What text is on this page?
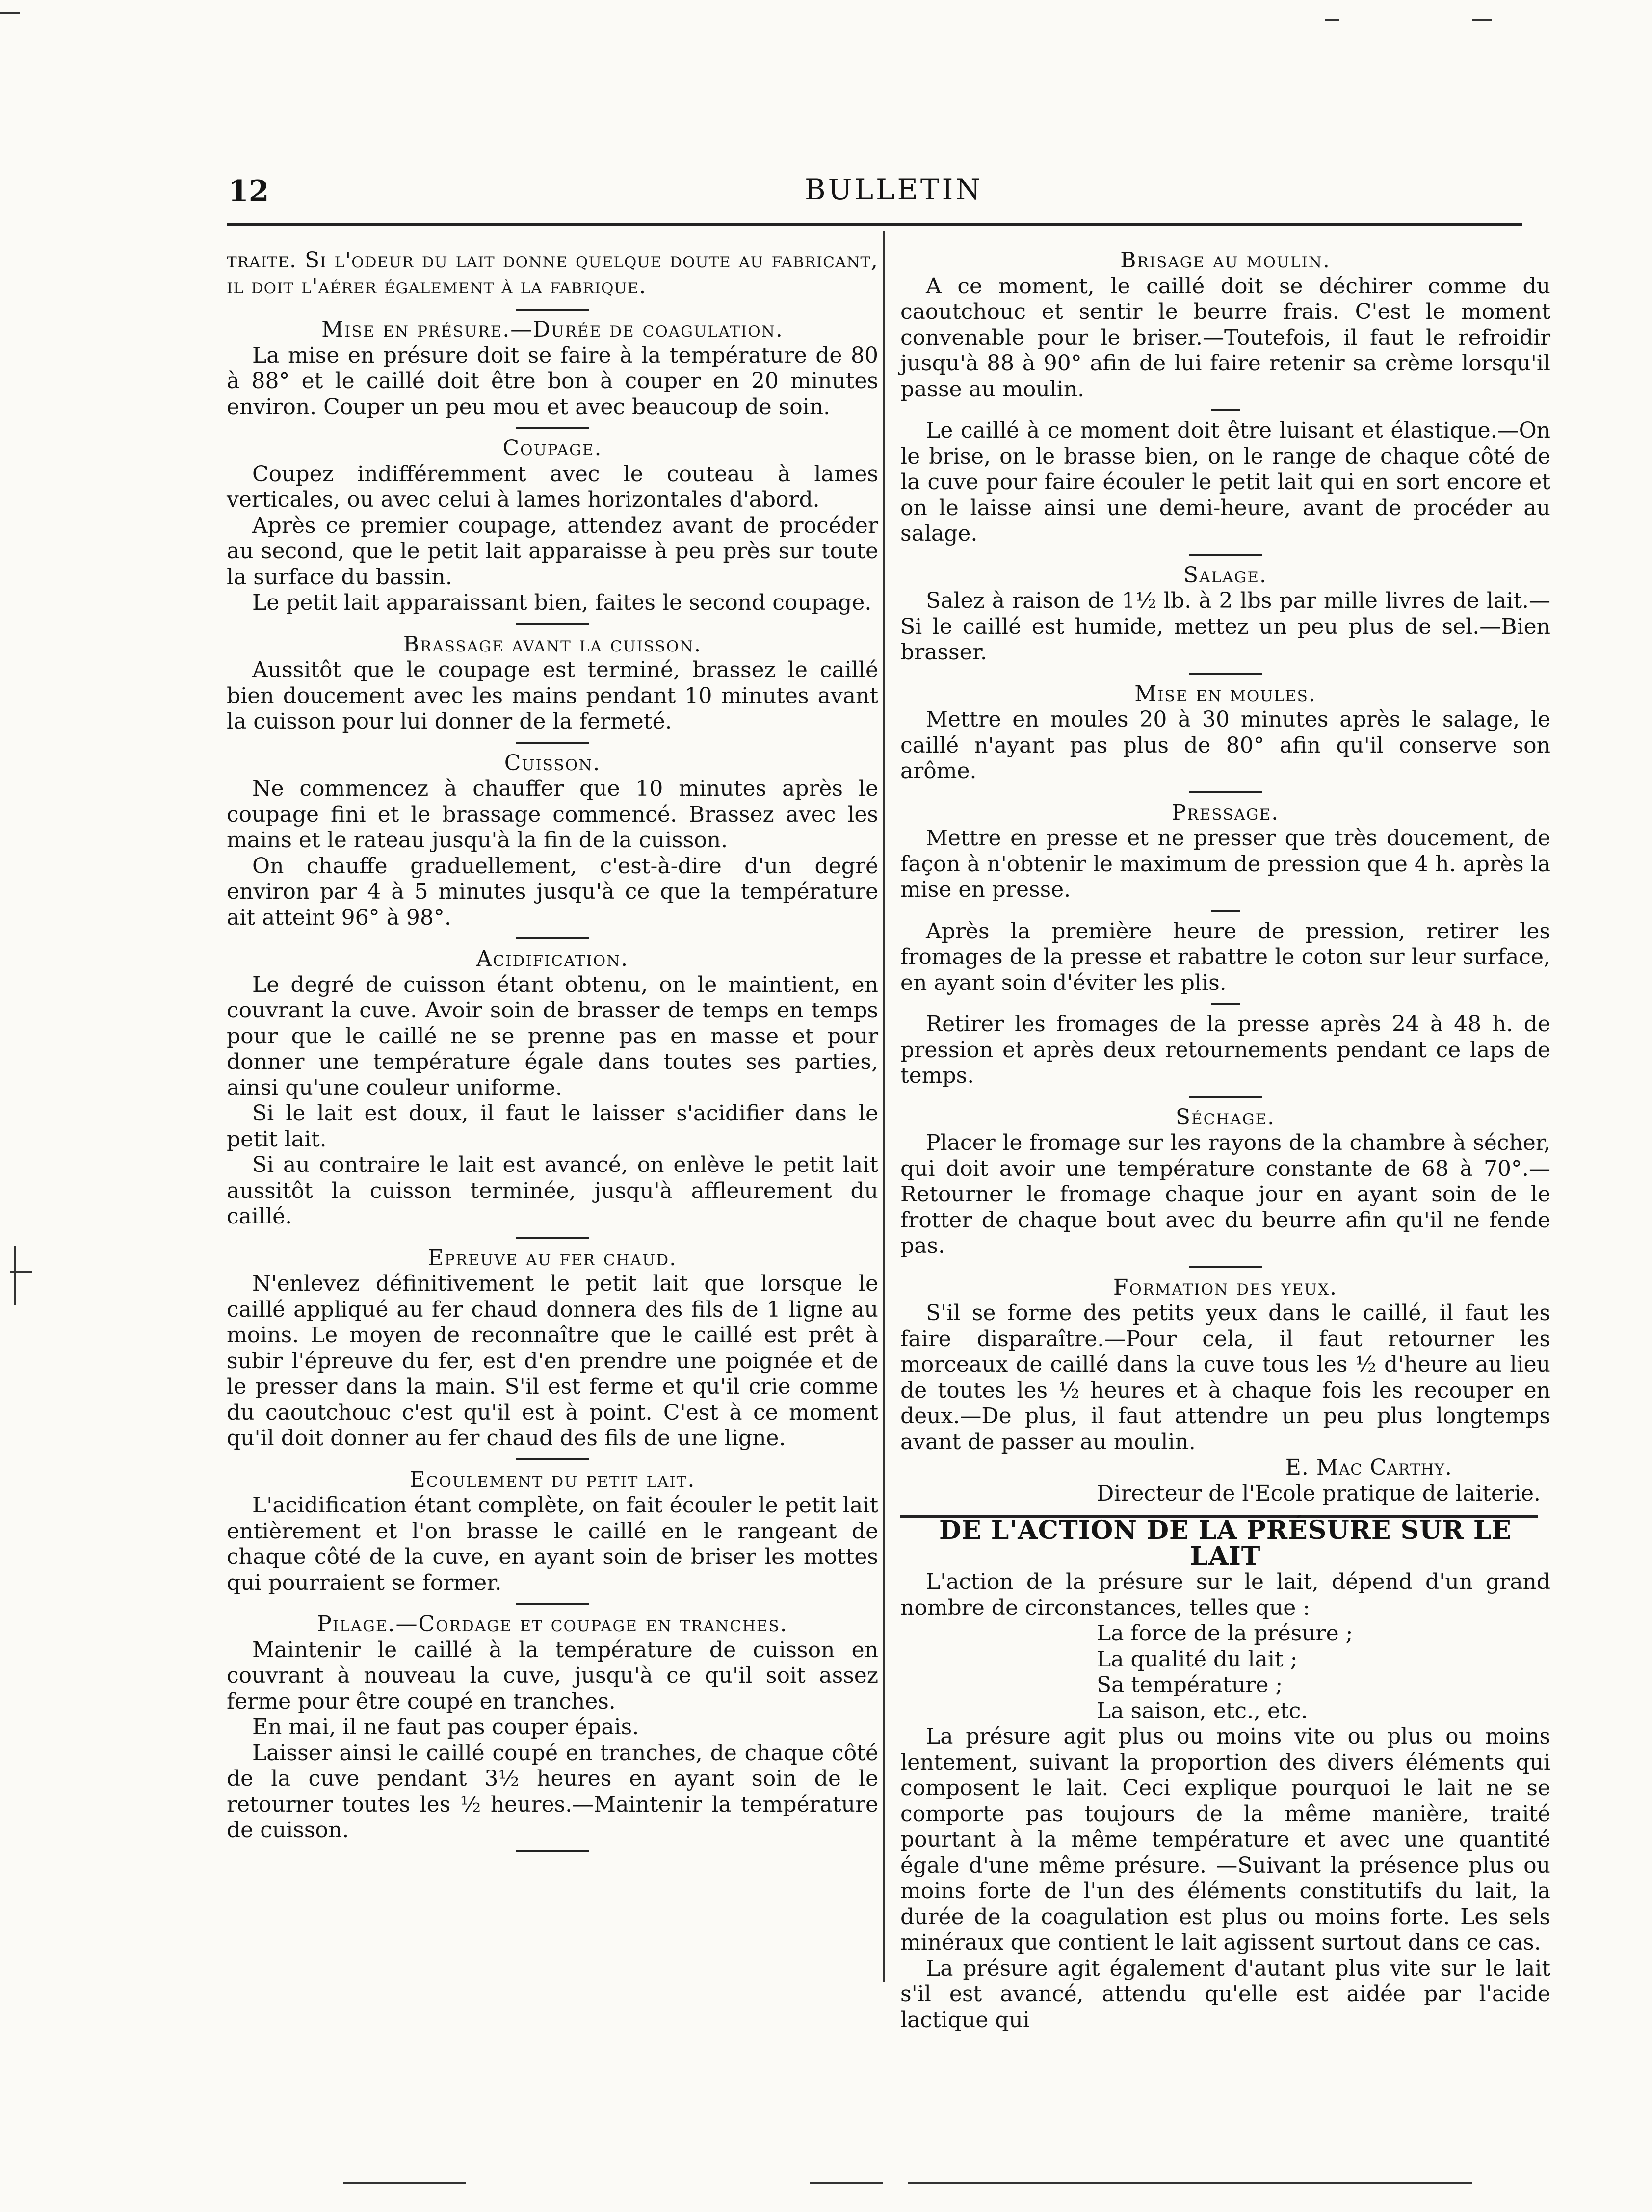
12	BULLETIN

traite. Si l'odeur du lait donne quelque doute au fabricant, il doit l'aérer également à la fabrique.

Mise en présure.—Durée de coagulation.

La mise en présure doit se faire à la température de 80 à 88° et le caillé doit être bon à couper en 20 minutes environ. Couper un peu mou et avec beaucoup de soin.

Coupage.

Coupez indifféremment avec le couteau à lames verticales, ou avec celui à lames horizontales d'abord.

Après ce premier coupage, attendez avant de procéder au second, que le petit lait apparaisse à peu près sur toute la surface du bassin.

Le petit lait apparaissant bien, faites le second coupage.

Brassage avant la cuisson.

Aussitôt que le coupage est terminé, brassez le caillé bien doucement avec les mains pendant 10 minutes avant la cuisson pour lui donner de la fermeté.

Cuisson.

Ne commencez à chauffer que 10 minutes après le coupage fini et le brassage commencé. Brassez avec les mains et le rateau jusqu'à la fin de la cuisson.

On chauffe graduellement, c'est-à-dire d'un degré environ par 4 à 5 minutes jusqu'à ce que la température ait atteint 96° à 98°.

Acidification.

Le degré de cuisson étant obtenu, on le maintient, en couvrant la cuve. Avoir soin de brasser de temps en temps pour que le caillé ne se prenne pas en masse et pour donner une température égale dans toutes ses parties, ainsi qu'une couleur uniforme.

Si le lait est doux, il faut le laisser s'acidifier dans le petit lait.

Si au contraire le lait est avancé, on enlève le petit lait aussitôt la cuisson terminée, jusqu'à affleurement du caillé.

Epreuve au fer chaud.

N'enlevez définitivement le petit lait que lorsque le caillé appliqué au fer chaud donnera des fils de 1 ligne au moins. Le moyen de reconnaître que le caillé est prêt à subir l'épreuve du fer, est d'en prendre une poignée et de le presser dans la main. S'il est ferme et qu'il crie comme du caoutchouc c'est qu'il est à point. C'est à ce moment qu'il doit donner au fer chaud des fils de une ligne.

Ecoulement du petit lait.

L'acidification étant complète, on fait écouler le petit lait entièrement et l'on brasse le caillé en le rangeant de chaque côté de la cuve, en ayant soin de briser les mottes qui pourraient se former.

Pilage.—Cordage et coupage en tranches.

Maintenir le caillé à la température de cuisson en couvrant à nouveau la cuve, jusqu'à ce qu'il soit assez ferme pour être coupé en tranches.

En mai, il ne faut pas couper épais.

Laisser ainsi le caillé coupé en tranches, de chaque côté de la cuve pendant 3½ heures en ayant soin de le retourner toutes les ½ heures.—Maintenir la température de cuisson.

Brisage au moulin.

A ce moment, le caillé doit se déchirer comme du caoutchouc et sentir le beurre frais. C'est le moment convenable pour le briser.—Toutefois, il faut le refroidir jusqu'à 88 à 90° afin de lui faire retenir sa crème lorsqu'il passe au moulin.

Le caillé à ce moment doit être luisant et élastique.—On le brise, on le brasse bien, on le range de chaque côté de la cuve pour faire écouler le petit lait qui en sort encore et on le laisse ainsi une demi-heure, avant de procéder au salage.

Salage.

Salez à raison de 1½ lb. à 2 lbs par mille livres de lait.—Si le caillé est humide, mettez un peu plus de sel.—Bien brasser.

Mise en moules.

Mettre en moules 20 à 30 minutes après le salage, le caillé n'ayant pas plus de 80° afin qu'il conserve son arôme.

Pressage.

Mettre en presse et ne presser que très doucement, de façon à n'obtenir le maximum de pression que 4 h. après la mise en presse.

Après la première heure de pression, retirer les fromages de la presse et rabattre le coton sur leur surface, en ayant soin d'éviter les plis.

Retirer les fromages de la presse après 24 à 48 h. de pression et après deux retournements pendant ce laps de temps.

Séchage.

Placer le fromage sur les rayons de la chambre à sécher, qui doit avoir une température constante de 68 à 70°.—Retourner le fromage chaque jour en ayant soin de le frotter de chaque bout avec du beurre afin qu'il ne fende pas.

Formation des yeux.

S'il se forme des petits yeux dans le caillé, il faut les faire disparaître.—Pour cela, il faut retourner les morceaux de caillé dans la cuve tous les ½ d'heure au lieu de toutes les ½ heures et à chaque fois les recouper en deux.—De plus, il faut attendre un peu plus longtemps avant de passer au moulin.

E. Mac Carthy.

Directeur de l'Ecole pratique de laiterie.

DE L'ACTION DE LA PRÉSURE SUR LE LAIT

L'action de la présure sur le lait, dépend d'un grand nombre de circonstances, telles que :

La force de la présure ;

La qualité du lait ;

Sa température ;

La saison, etc., etc.

La présure agit plus ou moins vite ou plus ou moins lentement, suivant la proportion des divers éléments qui composent le lait. Ceci explique pourquoi le lait ne se comporte pas toujours de la même manière, traité pourtant à la même température et avec une quantité égale d'une même présure. —Suivant la présence plus ou moins forte de l'un des éléments constitutifs du lait, la durée de la coagulation est plus ou moins forte. Les sels minéraux que contient le lait agissent surtout dans ce cas.

La présure agit également d'autant plus vite sur le lait s'il est avancé, attendu qu'elle est aidée par l'acide lactique qui
